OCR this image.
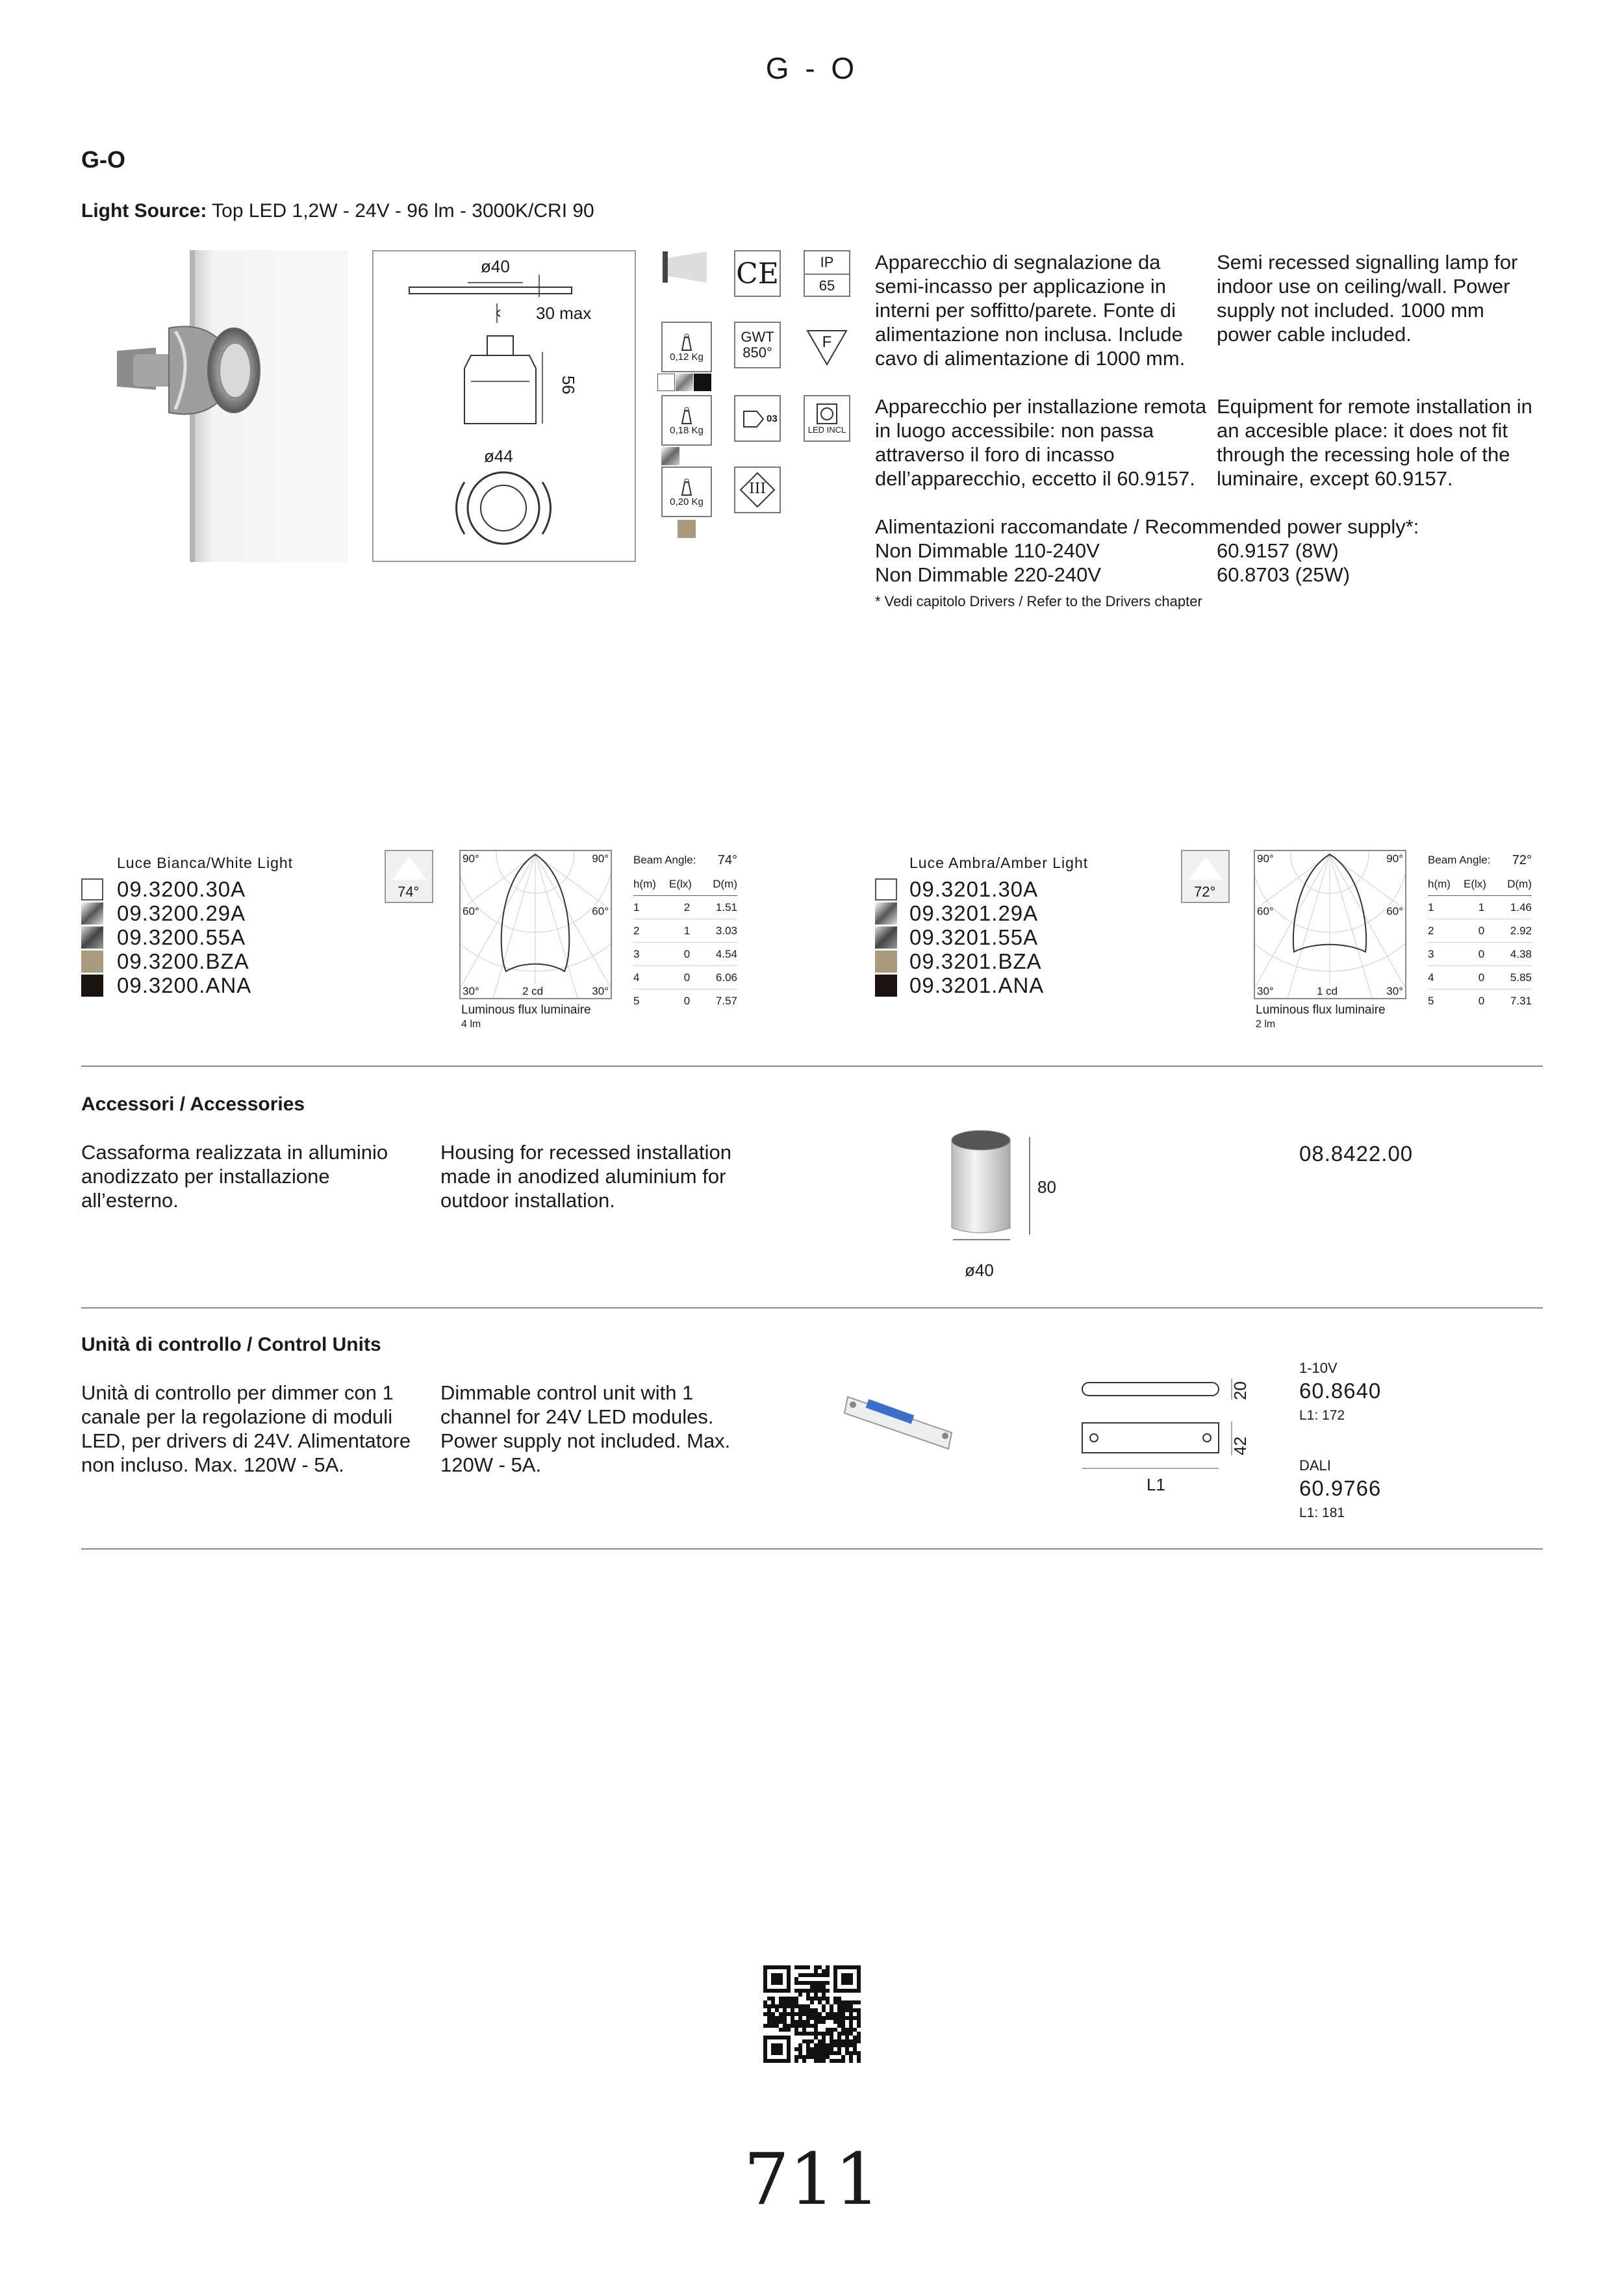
G - O
G-O
Light Source: Top LED 1,2W - 24V - 96 lm - 3000K/CRI 90
ø40
30 max
56
ø44
0,12 Kg
0,18 Kg
0,20 Kg
CE
GWT
850°
03
III
IP
65
F
LED INCL
Apparecchio di segnalazione da semi-incasso per applicazione in interni per soffitto/parete. Fonte di alimentazione non inclusa. Include cavo di alimentazione di 1000 mm.
Semi recessed signalling lamp for indoor use on ceiling/wall. Power supply not included. 1000 mm power cable included.
Apparecchio per installazione remota in luogo accessibile: non passa attraverso il foro di incasso dell’apparecchio, eccetto il 60.9157.
Equipment for remote installation in an accesible place: it does not fit through the recessing hole of the luminaire, except 60.9157.
Alimentazioni raccomandate / Recommended power supply*:
Non Dimmable 110-240V	60.9157 (8W)
Non Dimmable 220-240V	60.8703 (25W)
* Vedi capitolo Drivers / Refer to the Drivers chapter
Luce Bianca/White Light
09.3200.30A
09.3200.29A
09.3200.55A
09.3200.BZA
09.3200.ANA
74°
90°	90°
60°	60°
30°	30°
2 cd
Luminous flux luminaire
4 lm
Beam Angle: 74°
h(m)	E(lx)	D(m)
1	2	1.51
2	1	3.03
3	0	4.54
4	0	6.06
5	0	7.57
Luce Ambra/Amber Light
09.3201.30A
09.3201.29A
09.3201.55A
09.3201.BZA
09.3201.ANA
72°
90°	90°
60°	60°
30°	30°
1 cd
Luminous flux luminaire
2 lm
Beam Angle: 72°
h(m)	E(lx)	D(m)
1	1	1.46
2	0	2.92
3	0	4.38
4	0	5.85
5	0	7.31
Accessori / Accessories
Cassaforma realizzata in alluminio anodizzato per installazione all’esterno.
Housing for recessed installation made in anodized aluminium for outdoor installation.
80
ø40
08.8422.00
Unità di controllo / Control Units
Unità di controllo per dimmer con 1 canale per la regolazione di moduli LED, per drivers di 24V. Alimentatore non incluso. Max. 120W - 5A.
Dimmable control unit with 1 channel for 24V LED modules. Power supply not included. Max. 120W - 5A.
20
42
L1
1-10V
60.8640
L1: 172
DALI
60.9766
L1: 181
711
